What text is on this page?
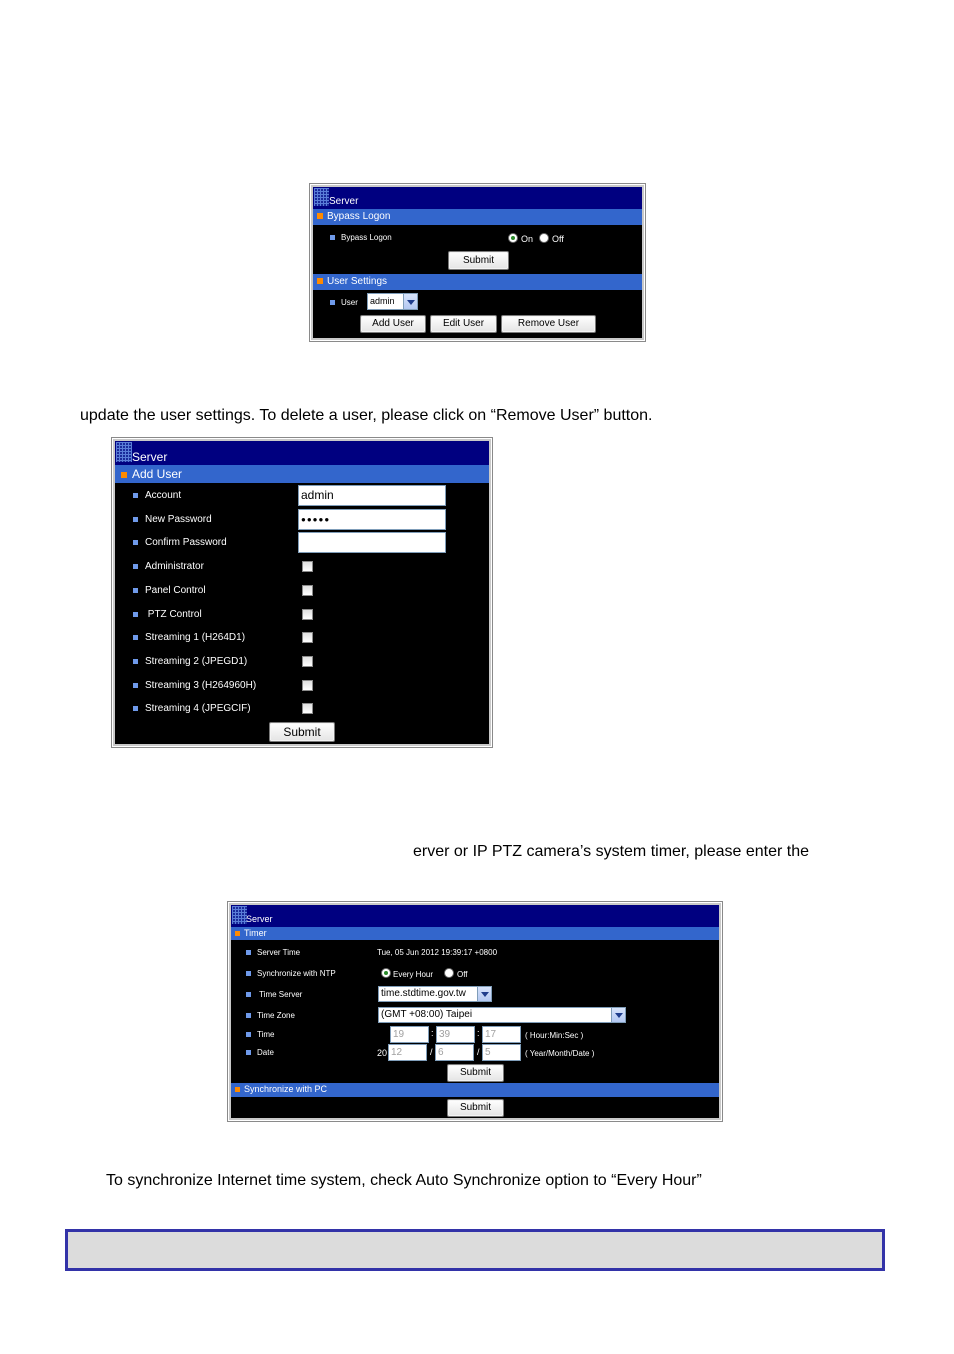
update the user settings. To delete a user, please click on “Remove User” button.
erver or IP PTZ camera’s system timer, please enter the
To synchronize Internet time system, check Auto Synchronize option to “Every Hour”
Server
Bypass Logon
Bypass Logon	On Off
Submit
User Settings
User	admin
Add User	Edit User	Remove User
Server
Add User
Account	admin
New Password	●●●●●
Confirm Password
Administrator
Panel Control
PTZ Control
Streaming 1 (H264D1)
Streaming 2 (JPEGD1)
Streaming 3 (H264960H)
Streaming 4 (JPEGCIF)
Submit
Server
Timer
Server Time	Tue, 05 Jun 2012 19:39:17 +0800
Synchronize with NTP	Every Hour	Off
Time Server	time.stdtime.gov.tw
Time Zone	(GMT +08:00) Taipei
Time	19	: 39	: 17	( Hour:Min:Sec )
Date	20 12	/ 6	/ 5	( Year/Month/Date )
Submit
Synchronize with PC
Submit
